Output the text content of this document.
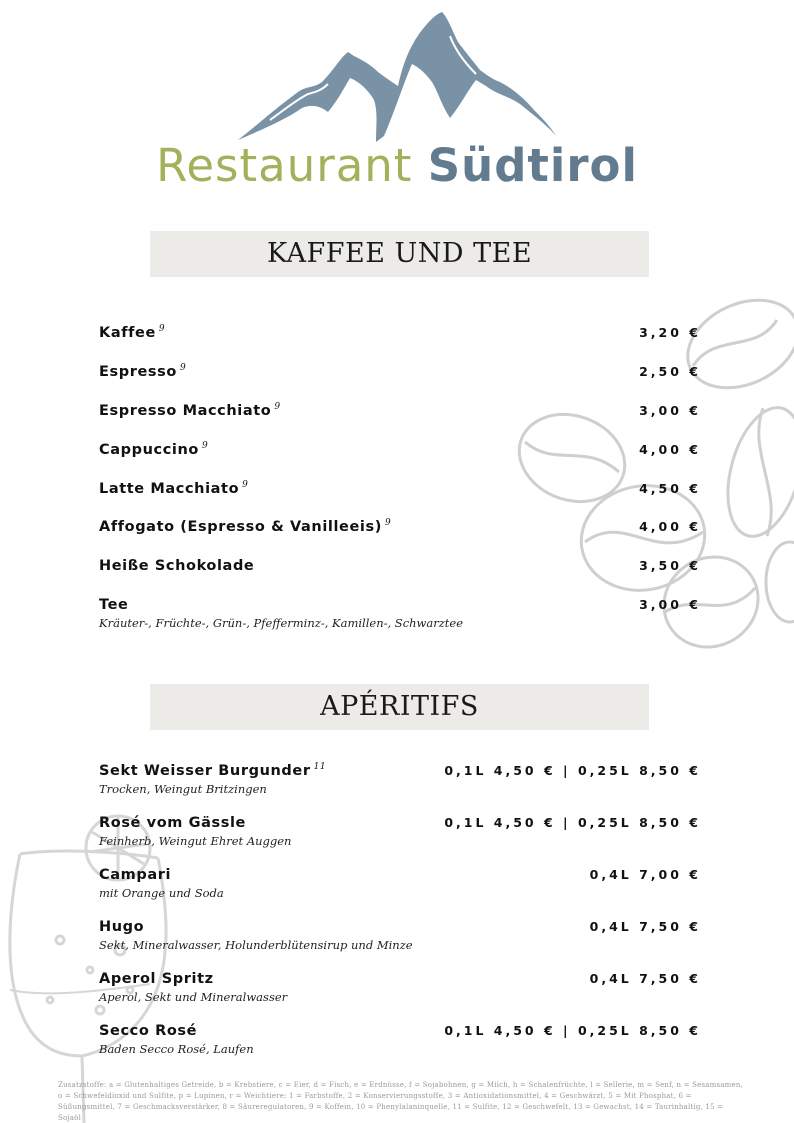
Restaurant Südtirol
KAFFEE UND TEE
Kaffee $^9$	3,20 €
Espresso $^9$	2,50 €
Espresso Macchiato $^9$	3,00 €
Cappuccino $^9$	4,00 €
Latte Macchiato $^9$	4,50 €
Affogato (Espresso & Vanilleeis) $^9$	4,00 €
Heiße Schokolade	3,50 €
Tee	3,00 €
Kräuter-, Früchte-, Grün-, Pfefferminz-, Kamillen-, Schwarztee
APÉRITIFS
Sekt Weisser Burgunder $^{11}$	0,1L 4,50 € | 0,25L 8,50 €
Trocken, Weingut Britzingen
Rosé vom Gässle	0,1L 4,50 € | 0,25L 8,50 €
Feinherb, Weingut Ehret Auggen
Campari	0,4L 7,00 €
mit Orange und Soda
Hugo	0,4L 7,50 €
Sekt, Mineralwasser, Holunderblütensirup und Minze
Aperol Spritz	0,4L 7,50 €
Aperol, Sekt und Mineralwasser
Secco Rosé	0,1L 4,50 € | 0,25L 8,50 €
Baden Secco Rosé, Laufen
Zusatzstoffe: a = Glutenhaltiges Getreide, b = Krebstiere, c = Eier, d = Fisch, e = Erdnüsse, f = Sojabohnen, g = Milch, h = Schalenfrüchte, l = Sellerie, m = Senf, n = Sesamsamen, o = Schwefeldioxid und Sulfite, p = Lupinen, r = Weichtiere; 1 = Farbstoffe, 2 = Konservierungsstoffe, 3 = Antioxidationsmittel, 4 = Geschwärzt, 5 = Mit Phosphat, 6 = Süßungsmittel, 7 = Geschmacksverstärker, 8 = Säureregulatoren, 9 = Koffein, 10 = Phenylalaninquelle, 11 = Sulfite, 12 = Geschwefelt, 13 = Gewachst, 14 = Taurinhaltig, 15 = Sojaöl
